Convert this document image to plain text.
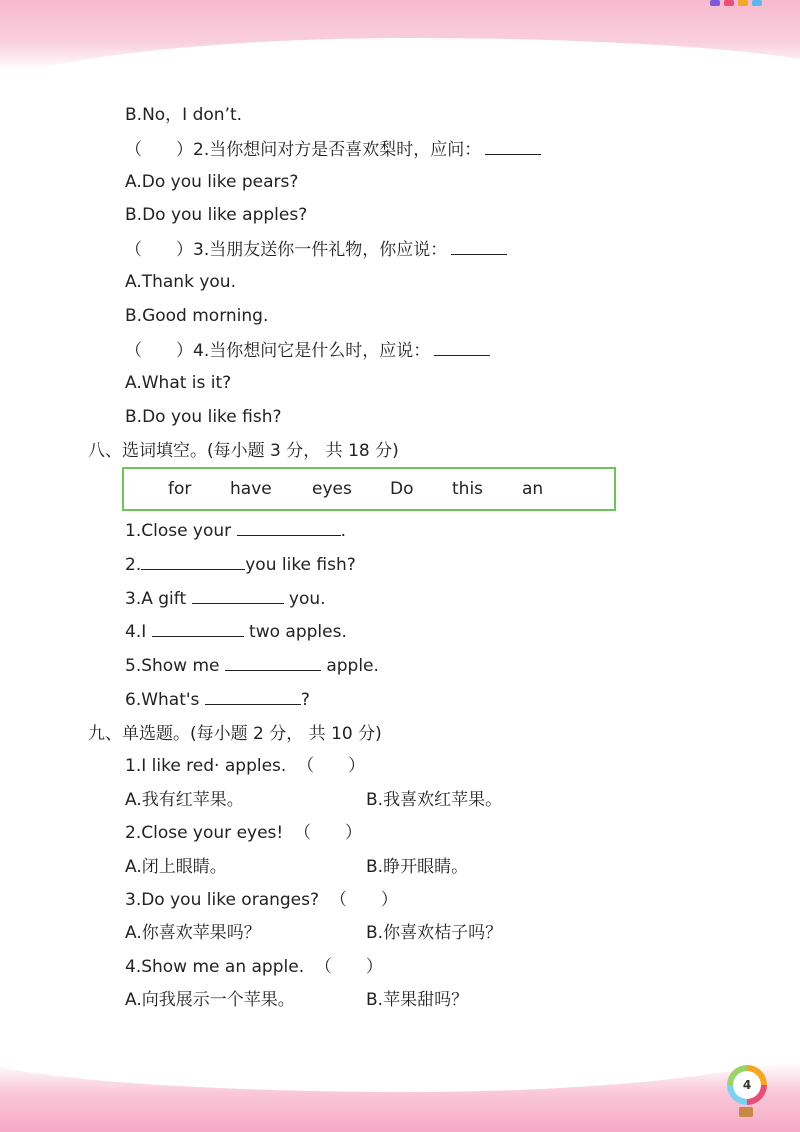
B.No，I don’t.
（　　）2.当你想问对方是否喜欢梨时，应问：
A.Do you like pears?
B.Do you like apples?
（　　）3.当朋友送你一件礼物，你应说：
A.Thank you.
B.Good morning.
（　　）4.当你想问它是什么时，应说：
A.What is it?
B.Do you like fish?
八、选词填空。(每小题 3 分， 共 18 分)
for have eyes Do this an
1.Close your	.
2.	you like fish?
3.A gift	you.
4.I	two apples.
5.Show me	apple.
6.What's	?
九、单选题。(每小题 2 分， 共 10 分)
1.I like red· apples. （　　）
A.我有红苹果。	B.我喜欢红苹果。
2.Close your eyes! （　　）
A.闭上眼睛。	B.睁开眼睛。
3.Do you like oranges? （　　）
A.你喜欢苹果吗？	B.你喜欢桔子吗？
4.Show me an apple. （　　）
A.向我展示一个苹果。	B.苹果甜吗？
4
